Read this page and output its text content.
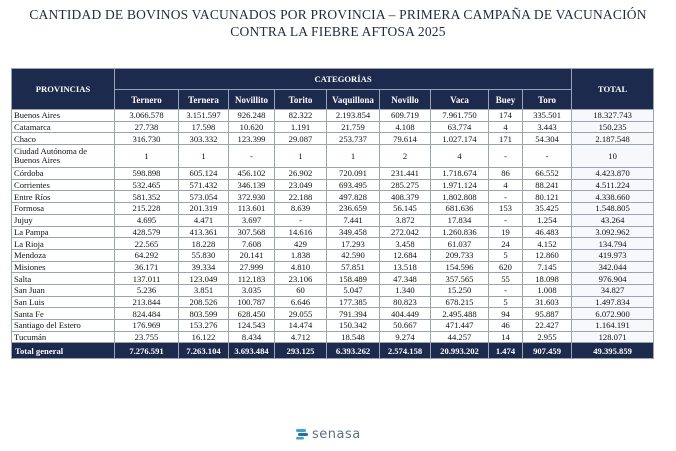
CANTIDAD DE BOVINOS VACUNADOS POR PROVINCIA – PRIMERA CAMPAÑA DE VACUNACIÓN
CONTRA LA FIEBRE AFTOSA 2025
PROVINCIAS	CATEGORÍAS									TOTAL
	Ternero	Ternera	Novillito	Torito	Vaquillona	Novillo	Vaca	Buey	Toro	
Buenos Aires	3.066.578	3.151.597	926.248	82.322	2.193.854	609.719	7.961.750	174	335.501	18.327.743
Catamarca	27.738	17.598	10.620	1.191	21.759	4.108	63.774	4	3.443	150.235
Chaco	316.730	303.332	123.399	29.087	253.737	79.614	1.027.174	171	54.304	2.187.548
Ciudad Autónoma de Buenos Aires	1	1	-	1	1	2	4	-	-	10
Córdoba	598.898	605.124	456.102	26.902	720.091	231.441	1.718.674	86	66.552	4.423.870
Corrientes	532.465	571.432	346.139	23.049	693.495	285.275	1.971.124	4	88.241	4.511.224
Entre Ríos	581.352	573.054	372.930	22.188	497.828	408.379	1.802.808	-	80.121	4.338.660
Formosa	215.228	201.319	113.601	8.639	236.659	56.145	681.636	153	35.425	1.548.805
Jujuy	4.695	4.471	3.697	-	7.441	3.872	17.834	-	1.254	43.264
La Pampa	428.579	413.361	307.568	14.616	349.458	272.042	1.260.836	19	46.483	3.092.962
La Rioja	22.565	18.228	7.608	429	17.293	3.458	61.037	24	4.152	134.794
Mendoza	64.292	55.830	20.141	1.838	42.590	12.684	209.733	5	12.860	419.973
Misiones	36.171	39.334	27.999	4.810	57.851	13.518	154.596	620	7.145	342.044
Salta	137.011	123.049	112.183	23.106	158.489	47.348	357.565	55	18.098	976.904
San Juan	5.236	3.851	3.035	60	5.047	1.340	15.250	-	1.008	34.827
San Luis	213.844	208.526	100.787	6.646	177.385	80.823	678.215	5	31.603	1.497.834
Santa Fe	824.484	803.599	628.450	29.055	791.394	404.449	2.495.488	94	95.887	6.072.900
Santiago del Estero	176.969	153.276	124.543	14.474	150.342	50.667	471.447	46	22.427	1.164.191
Tucumán	23.755	16.122	8.434	4.712	18.548	9.274	44.257	14	2.955	128.071
Total general	7.276.591	7.263.104	3.693.484	293.125	6.393.262	2.574.158	20.993.202	1.474	907.459	49.395.859
senasa
